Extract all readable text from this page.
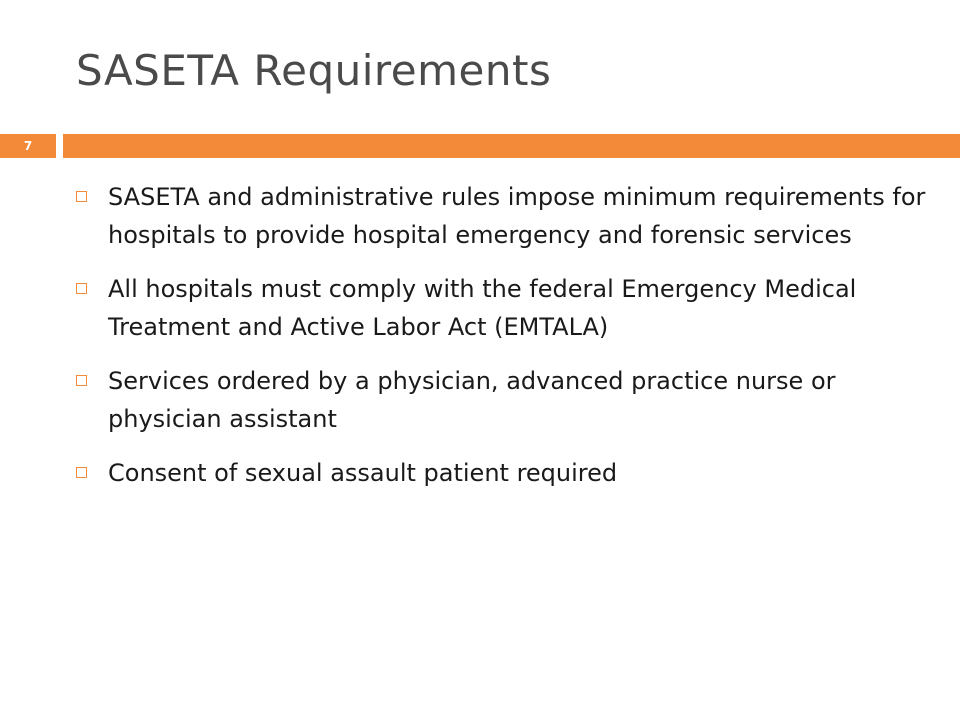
SASETA Requirements
7
SASETA and administrative rules impose minimum requirements for hospitals to provide hospital emergency and forensic services
All hospitals must comply with the federal Emergency Medical Treatment and Active Labor Act (EMTALA)
Services ordered by a physician, advanced practice nurse or physician assistant
Consent of sexual assault patient required
